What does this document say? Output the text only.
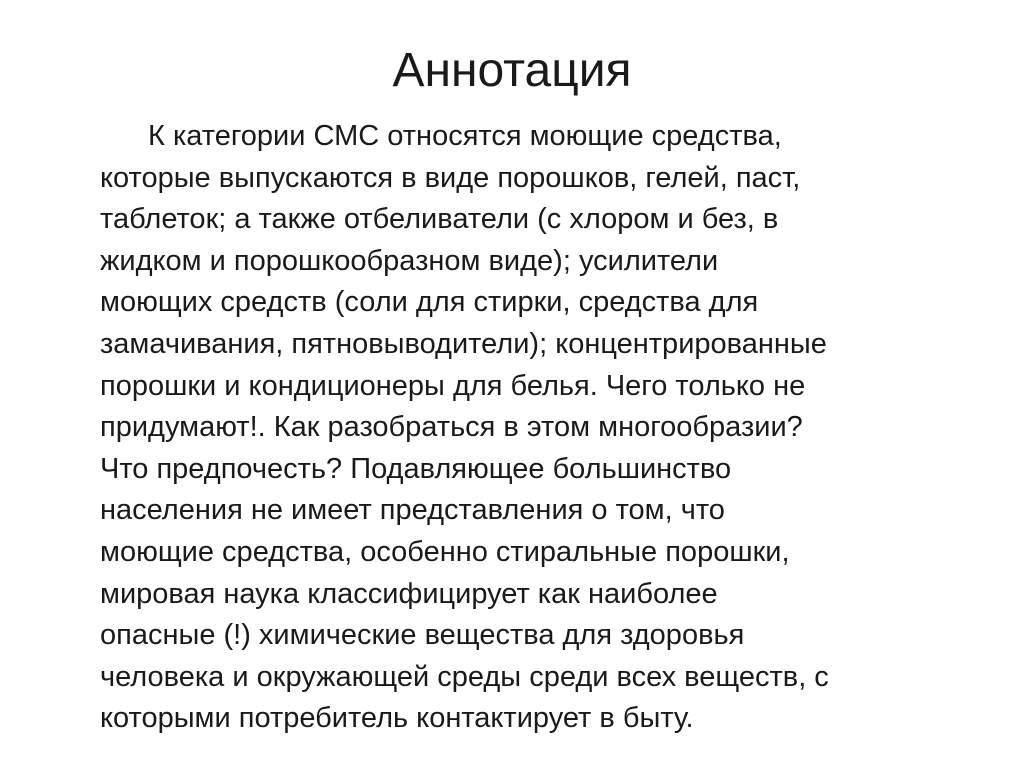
Аннотация

К категории СМС относятся моющие средства,
которые выпускаются в виде порошков, гелей, паст,
таблеток; а также отбеливатели (с хлором и без, в
жидком и порошкообразном виде); усилители
моющих средств (соли для стирки, средства для
замачивания, пятновыводители); концентрированные
порошки и кондиционеры для белья. Чего только не
придумают!. Как разобраться в этом многообразии?
Что предпочесть? Подавляющее большинство
населения не имеет представления о том, что
моющие средства, особенно стиральные порошки,
мировая наука классифицирует как наиболее
опасные (!) химические вещества для здоровья
человека и окружающей среды среди всех веществ, с
которыми потребитель контактирует в быту.
